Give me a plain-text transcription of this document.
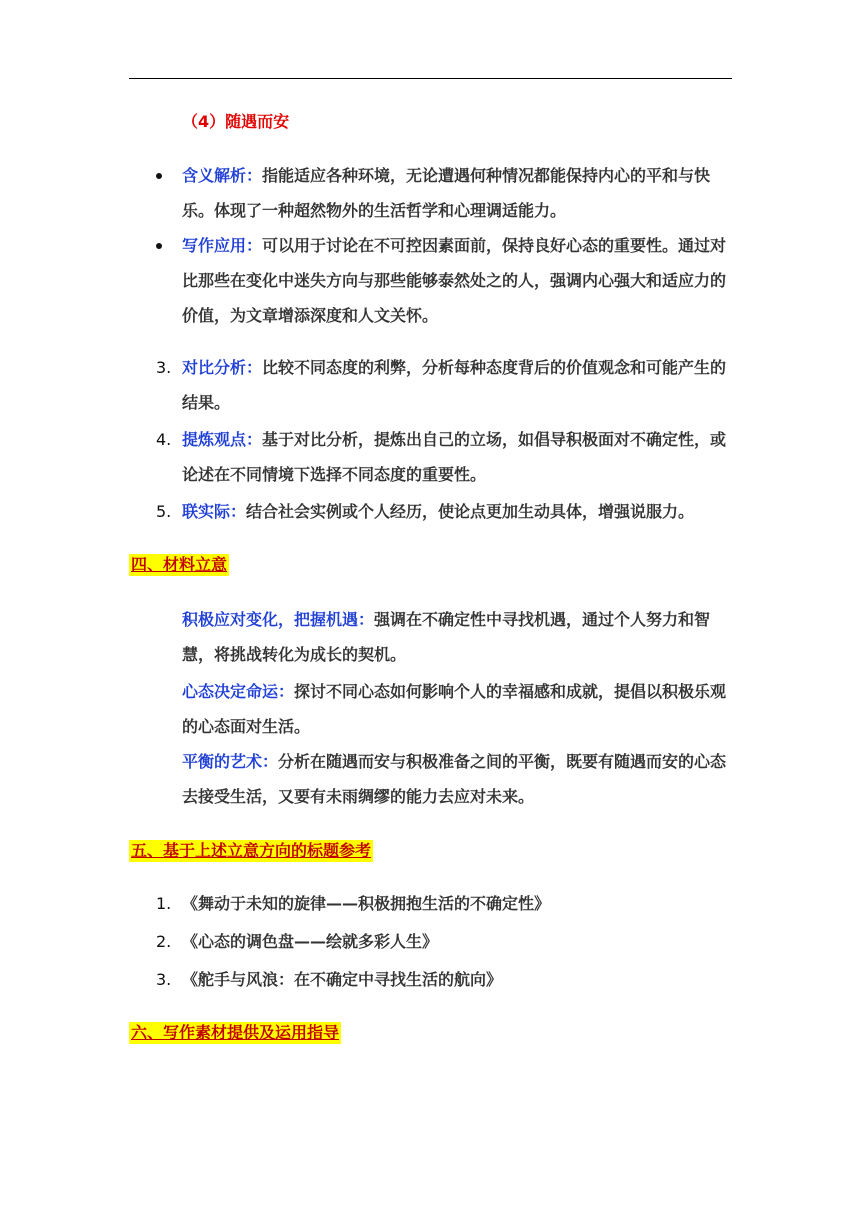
（4）随遇而安
含义解析：指能适应各种环境，无论遭遇何种情况都能保持内心的平和与快乐。体现了一种超然物外的生活哲学和心理调适能力。
写作应用：可以用于讨论在不可控因素面前，保持良好心态的重要性。通过对比那些在变化中迷失方向与那些能够泰然处之的人，强调内心强大和适应力的价值，为文章增添深度和人文关怀。
3. 对比分析：比较不同态度的利弊，分析每种态度背后的价值观念和可能产生的结果。
4. 提炼观点：基于对比分析，提炼出自己的立场，如倡导积极面对不确定性，或论述在不同情境下选择不同态度的重要性。
5. 联实际：结合社会实例或个人经历，使论点更加生动具体，增强说服力。
四、材料立意
积极应对变化，把握机遇：强调在不确定性中寻找机遇，通过个人努力和智慧，将挑战转化为成长的契机。
心态决定命运：探讨不同心态如何影响个人的幸福感和成就，提倡以积极乐观的心态面对生活。
平衡的艺术：分析在随遇而安与积极准备之间的平衡，既要有随遇而安的心态去接受生活，又要有未雨绸缪的能力去应对未来。
五、基于上述立意方向的标题参考
1. 《舞动于未知的旋律——积极拥抱生活的不确定性》
2. 《心态的调色盘——绘就多彩人生》
3. 《舵手与风浪：在不确定中寻找生活的航向》
六、写作素材提供及运用指导
